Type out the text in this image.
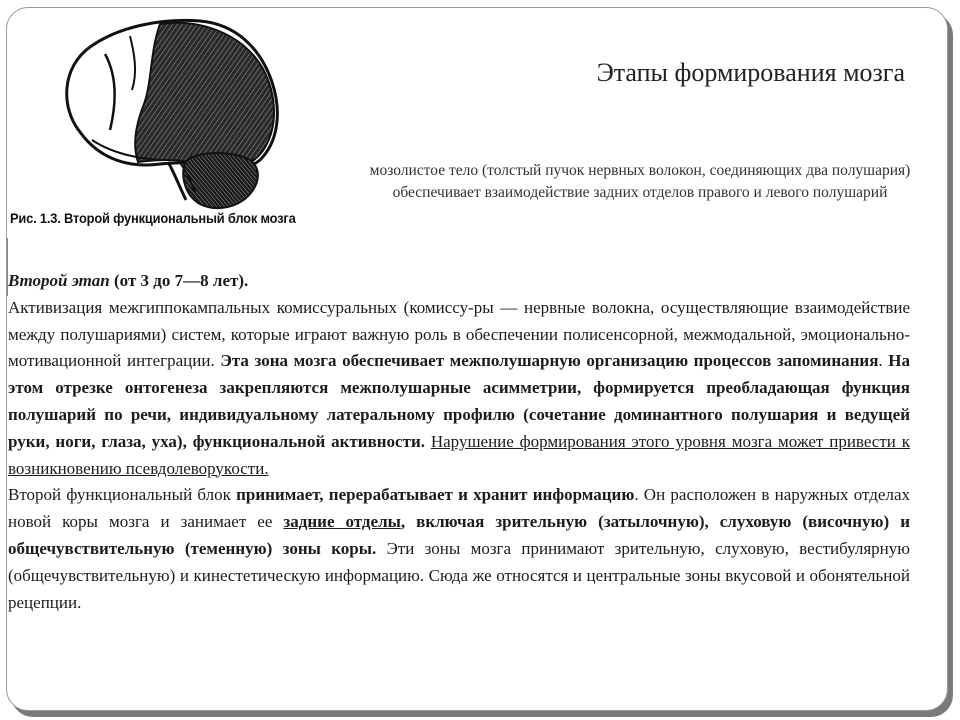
Рис. 1.3. Второй функциональный блок мозга
Этапы формирования мозга
мозолистое тело (толстый пучок нервных волокон, соединяющих два полушария) обеспечивает взаимодействие задних отделов правого и левого полушарий

Второй этап (от 3 до 7—8 лет).

Активизация межгиппокампальных комиссуральных (комиссу-ры — нервные волокна, осуществляющие взаимодействие между полушариями) систем, которые играют важную роль в обеспечении полисенсорной, межмодальной, эмоционально-мотивационной интеграции. Эта зона мозга обеспечивает межполушарную организацию процессов запоминания. На этом отрезке онтогенеза закрепляются межполушарные асимметрии, формируется преобладающая функция полушарий по речи, индивидуальному латеральному профилю (сочетание доминантного полушария и ведущей руки, ноги, глаза, уха), функциональной активности. Нарушение формирования этого уровня мозга может привести к возникновению псевдолеворукости.

Второй функциональный блок принимает, перерабатывает и хранит информацию. Он расположен в наружных отделах новой коры мозга и занимает ее задние отделы, включая зрительную (затылочную), слуховую (височную) и общечувствительную (теменную) зоны коры. Эти зоны мозга принимают зрительную, слуховую, вестибулярную (общечувствительную) и кинестетическую информацию. Сюда же относятся и центральные зоны вкусовой и обонятельной рецепции.
